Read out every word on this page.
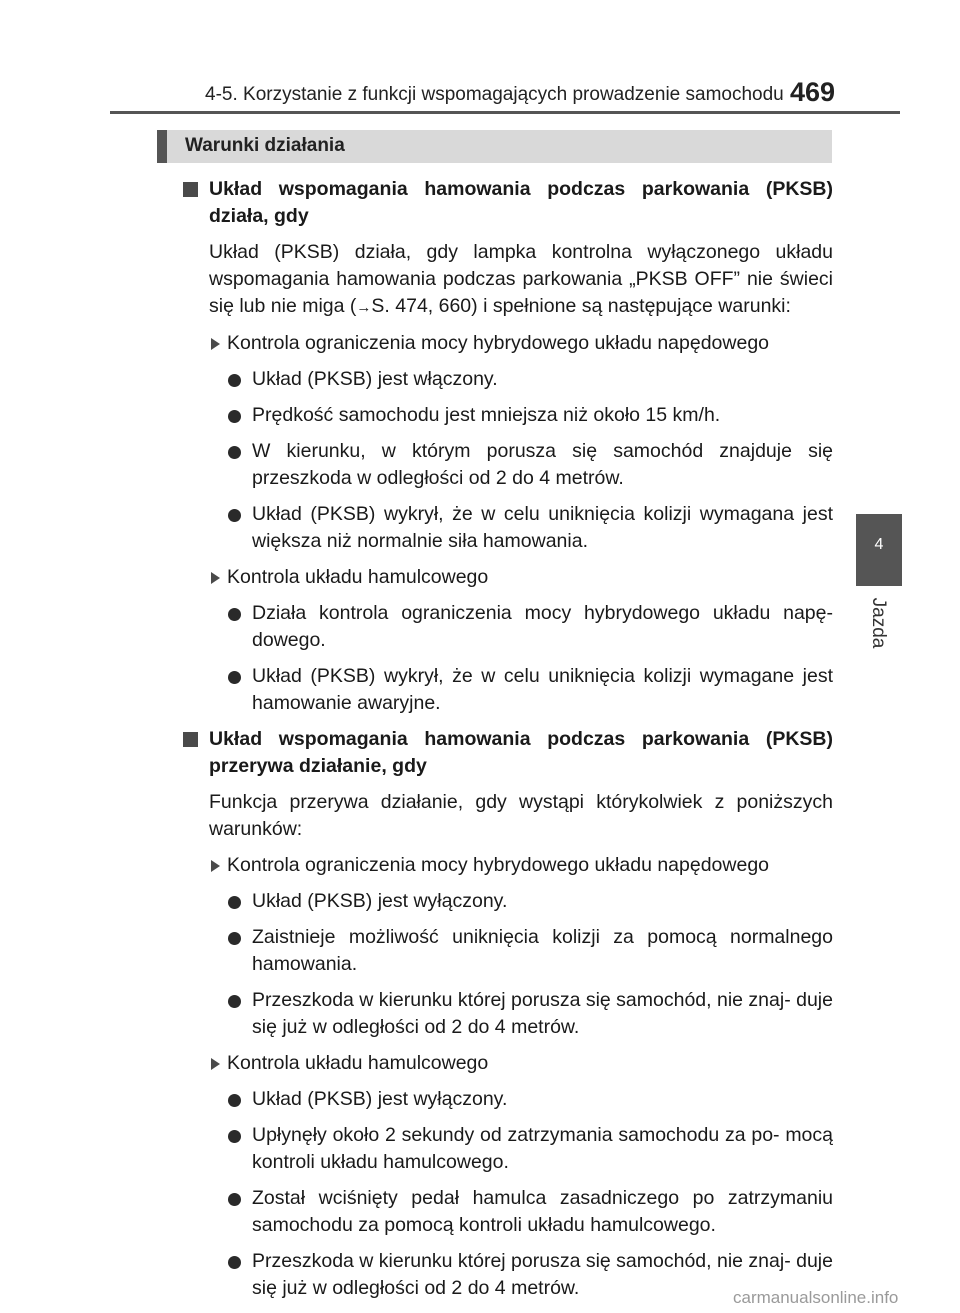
4-5. Korzystanie z funkcji wspomagających prowadzenie samochodu 469
Warunki działania
4
Jazda
Układ wspomagania hamowania podczas parkowania (PKSB) działa, gdy
Układ (PKSB) działa, gdy lampka kontrolna wyłączonego układu wspomagania hamowania podczas parkowania „PKSB OFF” nie świeci się lub nie miga (→S. 474, 660) i spełnione są następujące warunki:
Kontrola ograniczenia mocy hybrydowego układu napędowego
Układ (PKSB) jest włączony.
Prędkość samochodu jest mniejsza niż około 15 km/h.
W kierunku, w którym porusza się samochód znajduje się przeszkoda w odległości od 2 do 4 metrów.
Układ (PKSB) wykrył, że w celu uniknięcia kolizji wymagana jest większa niż normalnie siła hamowania.
Kontrola układu hamulcowego
Działa kontrola ograniczenia mocy hybrydowego układu napę- dowego.
Układ (PKSB) wykrył, że w celu uniknięcia kolizji wymagane jest hamowanie awaryjne.
Układ wspomagania hamowania podczas parkowania (PKSB) przerywa działanie, gdy
Funkcja przerywa działanie, gdy wystąpi którykolwiek z poniższych warunków:
Kontrola ograniczenia mocy hybrydowego układu napędowego
Układ (PKSB) jest wyłączony.
Zaistnieje możliwość uniknięcia kolizji za pomocą normalnego hamowania.
Przeszkoda w kierunku której porusza się samochód, nie znaj- duje się już w odległości od 2 do 4 metrów.
Kontrola układu hamulcowego
Układ (PKSB) jest wyłączony.
Upłynęły około 2 sekundy od zatrzymania samochodu za po- mocą kontroli układu hamulcowego.
Został wciśnięty pedał hamulca zasadniczego po zatrzymaniu samochodu za pomocą kontroli układu hamulcowego.
Przeszkoda w kierunku której porusza się samochód, nie znaj- duje się już w odległości od 2 do 4 metrów.	carmanualsonline.info
